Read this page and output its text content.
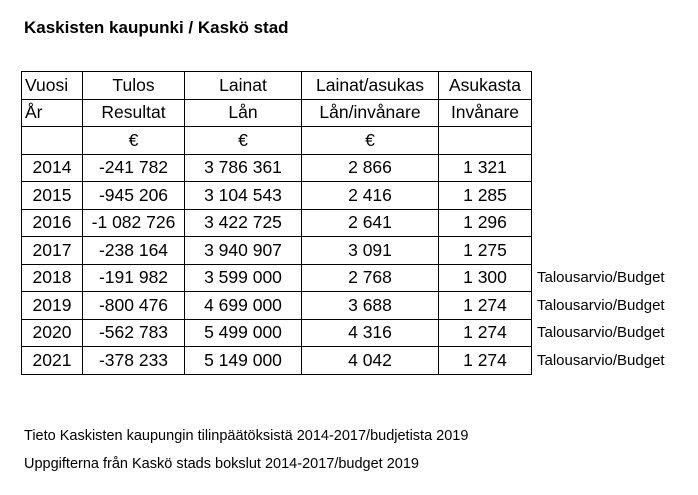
Kaskisten kaupunki / Kaskö stad
Vuosi	Tulos	Lainat	Lainat/asukas	Asukasta	
År	Resultat	Lån	Lån/invånare	Invånare	
	€	€	€		
2014	-241 782	3 786 361	2 866	1 321	
2015	-945 206	3 104 543	2 416	1 285	
2016	-1 082 726	3 422 725	2 641	1 296	
2017	-238 164	3 940 907	3 091	1 275	
2018	-191 982	3 599 000	2 768	1 300	Talousarvio/Budget
2019	-800 476	4 699 000	3 688	1 274	Talousarvio/Budget
2020	-562 783	5 499 000	4 316	1 274	Talousarvio/Budget
2021	-378 233	5 149 000	4 042	1 274	Talousarvio/Budget
Tieto Kaskisten kaupungin tilinpäätöksistä 2014-2017/budjetista 2019
Uppgifterna från Kaskö stads bokslut 2014-2017/budget 2019
